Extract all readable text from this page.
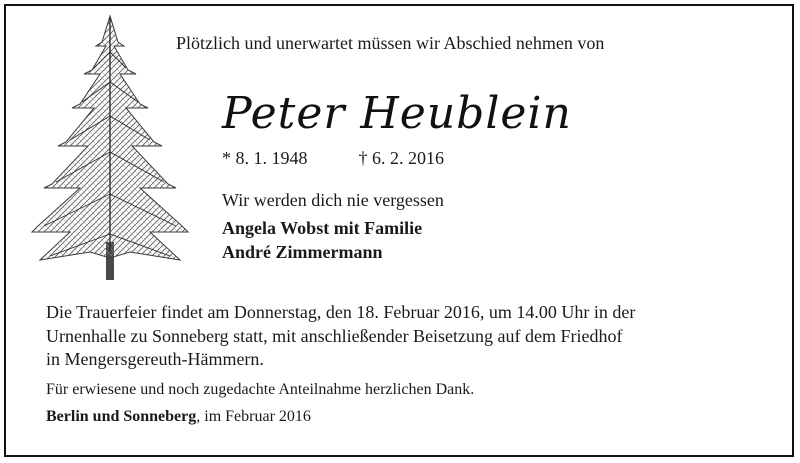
Plötzlich und unerwartet müssen wir Abschied nehmen von
Peter Heublein
* 8. 1. 1948	† 6. 2. 2016
Wir werden dich nie vergessen
Angela Wobst mit Familie
André Zimmermann
Die Trauerfeier findet am Donnerstag, den 18. Februar 2016, um 14.00 Uhr in der
Urnenhalle zu Sonneberg statt, mit anschließender Beisetzung auf dem Friedhof
in Mengersgereuth-Hämmern.
Für erwiesene und noch zugedachte Anteilnahme herzlichen Dank.
Berlin und Sonneberg, im Februar 2016
